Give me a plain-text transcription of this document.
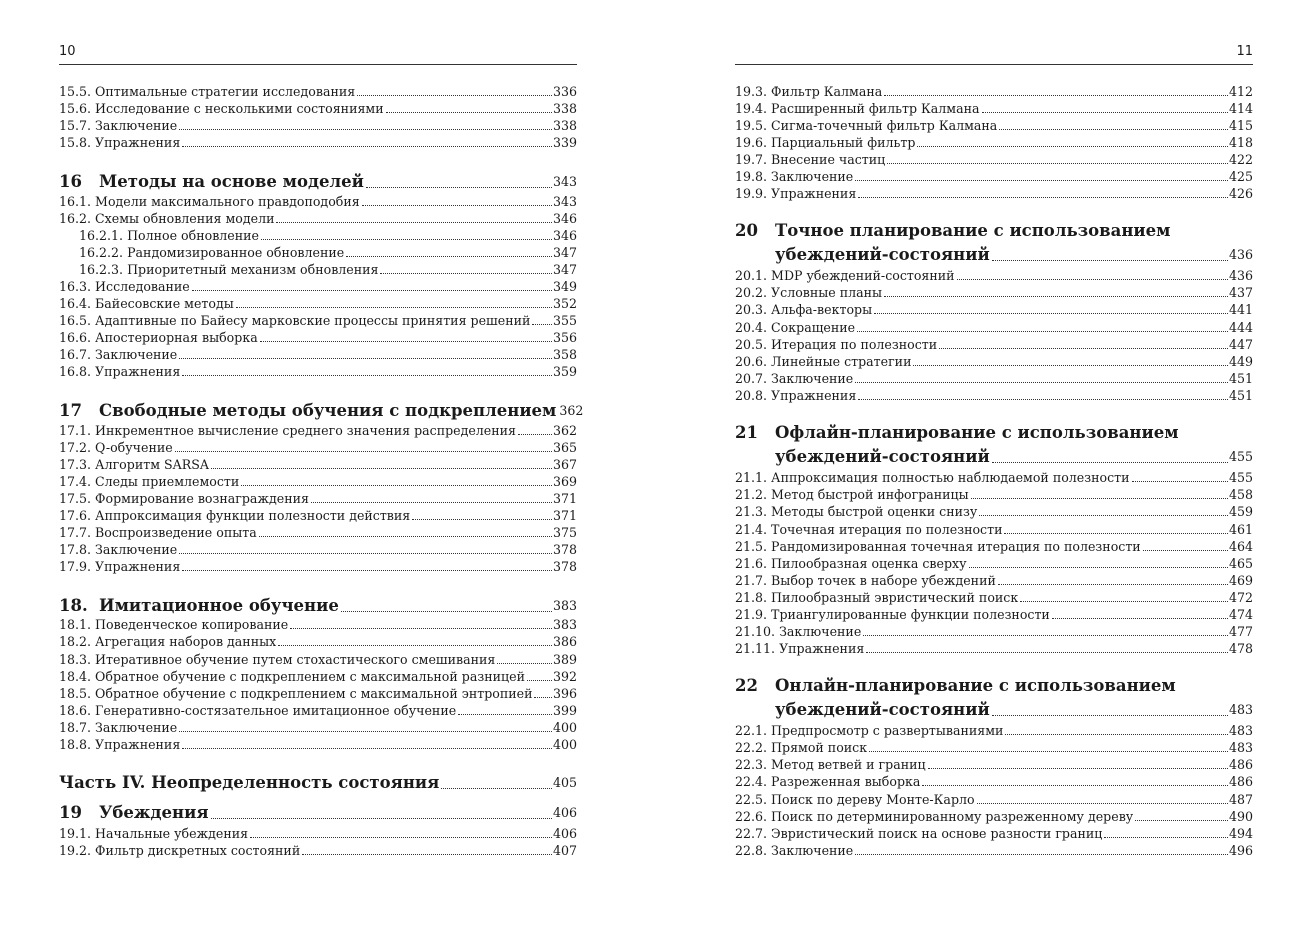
10
15.5. Оптимальные стратегии исследования	336
15.6. Исследование с несколькими состояниями	338
15.7. Заключение	338
15.8. Упражнения	339
16 Методы на основе моделей	343
16.1. Модели максимального правдоподобия	343
16.2. Схемы обновления модели	346
16.2.1. Полное обновление	346
16.2.2. Рандомизированное обновление	347
16.2.3. Приоритетный механизм обновления	347
16.3. Исследование	349
16.4. Байесовские методы	352
16.5. Адаптивные по Байесу марковские процессы принятия решений 355
16.6. Апостериорная выборка	356
16.7. Заключение	358
16.8. Упражнения	359
17 Свободные методы обучения с подкреплением 362
17.1. Инкрементное вычисление среднего значения распределения	362
17.2. Q-обучение	365
17.3. Алгоритм SARSA	367
17.4. Следы приемлемости	369
17.5. Формирование вознаграждения	371
17.6. Аппроксимация функции полезности действия	371
17.7. Воспроизведение опыта	375
17.8. Заключение	378
17.9. Упражнения	378
18. Имитационное обучение	383
18.1. Поведенческое копирование	383
18.2. Агрегация наборов данных	386
18.3. Итеративное обучение путем стохастического смешивания	389
18.4. Обратное обучение с подкреплением с максимальной разницей 392
18.5. Обратное обучение с подкреплением с максимальной энтропией 396
18.6. Генеративно-состязательное имитационное обучение	399
18.7. Заключение	400
18.8. Упражнения	400
Часть IV. Неопределенность состояния	405
19 Убеждения	406
19.1. Начальные убеждения	406
19.2. Фильтр дискретных состояний	407
11
19.3. Фильтр Калмана	412
19.4. Расширенный фильтр Калмана	414
19.5. Сигма-точечный фильтр Калмана	415
19.6. Парциальный фильтр	418
19.7. Внесение частиц	422
19.8. Заключение	425
19.9. Упражнения	426
20 Точное планирование с использованием
убеждений-состояний	436
20.1. MDP убеждений-состояний	436
20.2. Условные планы	437
20.3. Альфа-векторы	441
20.4. Сокращение	444
20.5. Итерация по полезности	447
20.6. Линейные стратегии	449
20.7. Заключение	451
20.8. Упражнения	451
21 Офлайн-планирование с использованием
убеждений-состояний	455
21.1. Аппроксимация полностью наблюдаемой полезности	455
21.2. Метод быстрой инфограницы	458
21.3. Методы быстрой оценки снизу	459
21.4. Точечная итерация по полезности	461
21.5. Рандомизированная точечная итерация по полезности	464
21.6. Пилообразная оценка сверху	465
21.7. Выбор точек в наборе убеждений	469
21.8. Пилообразный эвристический поиск	472
21.9. Триангулированные функции полезности	474
21.10. Заключение	477
21.11. Упражнения	478
22 Онлайн-планирование с использованием
убеждений-состояний	483
22.1. Предпросмотр с развертываниями	483
22.2. Прямой поиск	483
22.3. Метод ветвей и границ	486
22.4. Разреженная выборка	486
22.5. Поиск по дереву Монте-Карло	487
22.6. Поиск по детерминированному разреженному дереву	490
22.7. Эвристический поиск на основе разности границ	494
22.8. Заключение	496
